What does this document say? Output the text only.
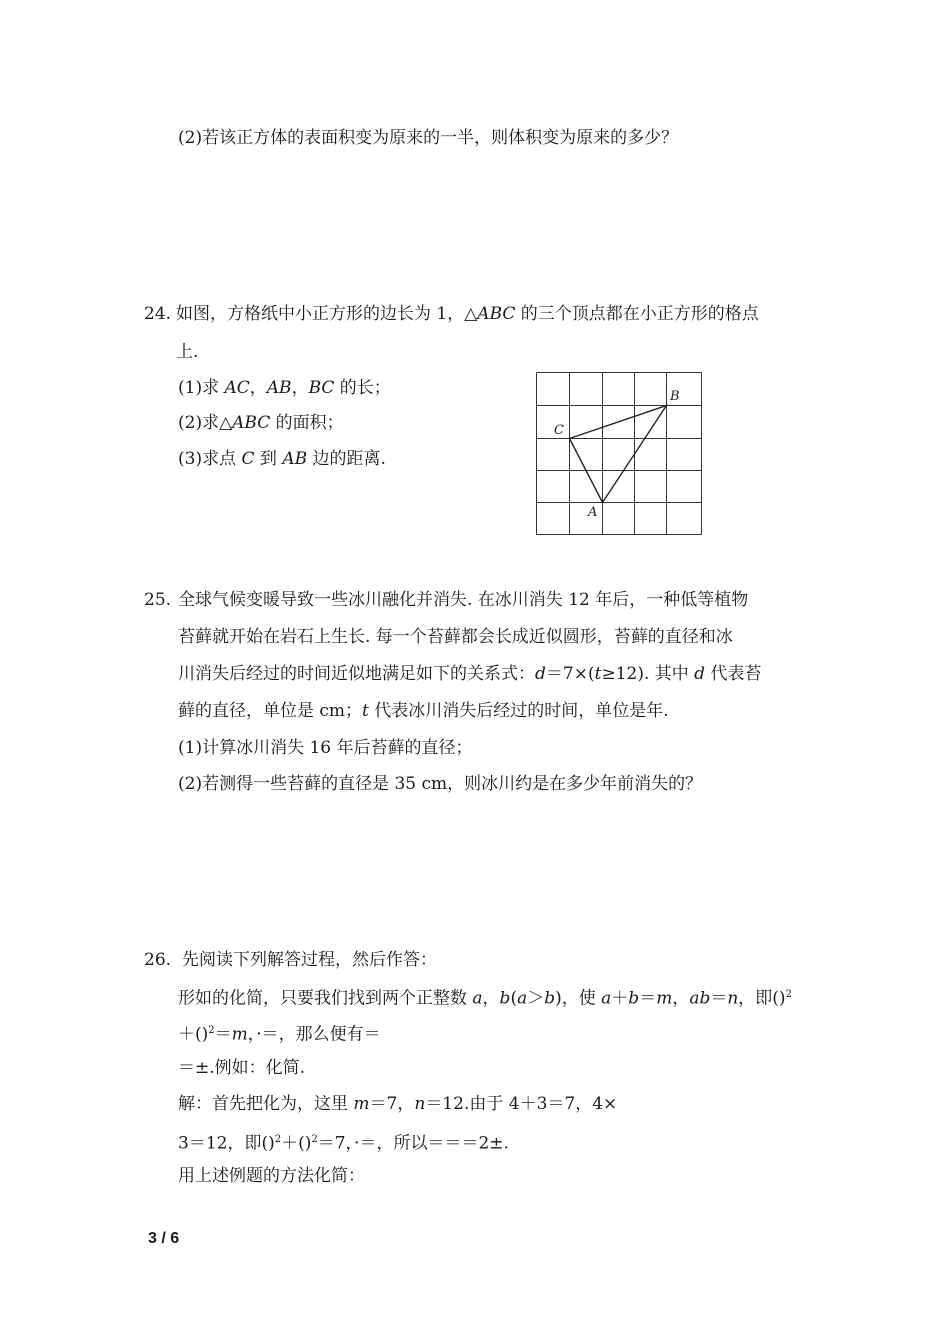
(2)若该正方体的表面积变为原来的一半，则体积变为原来的多少？
24. 如图，方格纸中小正方形的边长为 1，△ABC 的三个顶点都在小正方形的格点
上.
(1)求 AC，AB，BC 的长；
(2)求△ABC 的面积；
(3)求点 C 到 AB 边的距离.
B
C
A
25. 全球气候变暖导致一些冰川融化并消失. 在冰川消失 12 年后，一种低等植物
苔藓就开始在岩石上生长. 每一个苔藓都会长成近似圆形，苔藓的直径和冰
川消失后经过的时间近似地满足如下的关系式：d＝7×(t≥12). 其中 d 代表苔
藓的直径，单位是 cm；t 代表冰川消失后经过的时间，单位是年.
(1)计算冰川消失 16 年后苔藓的直径；
(2)若测得一些苔藓的直径是 35 cm，则冰川约是在多少年前消失的？
26. 先阅读下列解答过程，然后作答：
形如的化简，只要我们找到两个正整数 a，b(a＞b)，使 a＋b＝m，ab＝n，即()$^2$
＋()$^2$＝m，·＝，那么便有＝
＝±.例如：化简.
解：首先把化为，这里 m＝7，n＝12.由于 4＋3＝7，4×
3＝12，即()$^2$＋()$^2$＝7，·＝，所以＝＝＝2±.
用上述例题的方法化简：
3 / 6
